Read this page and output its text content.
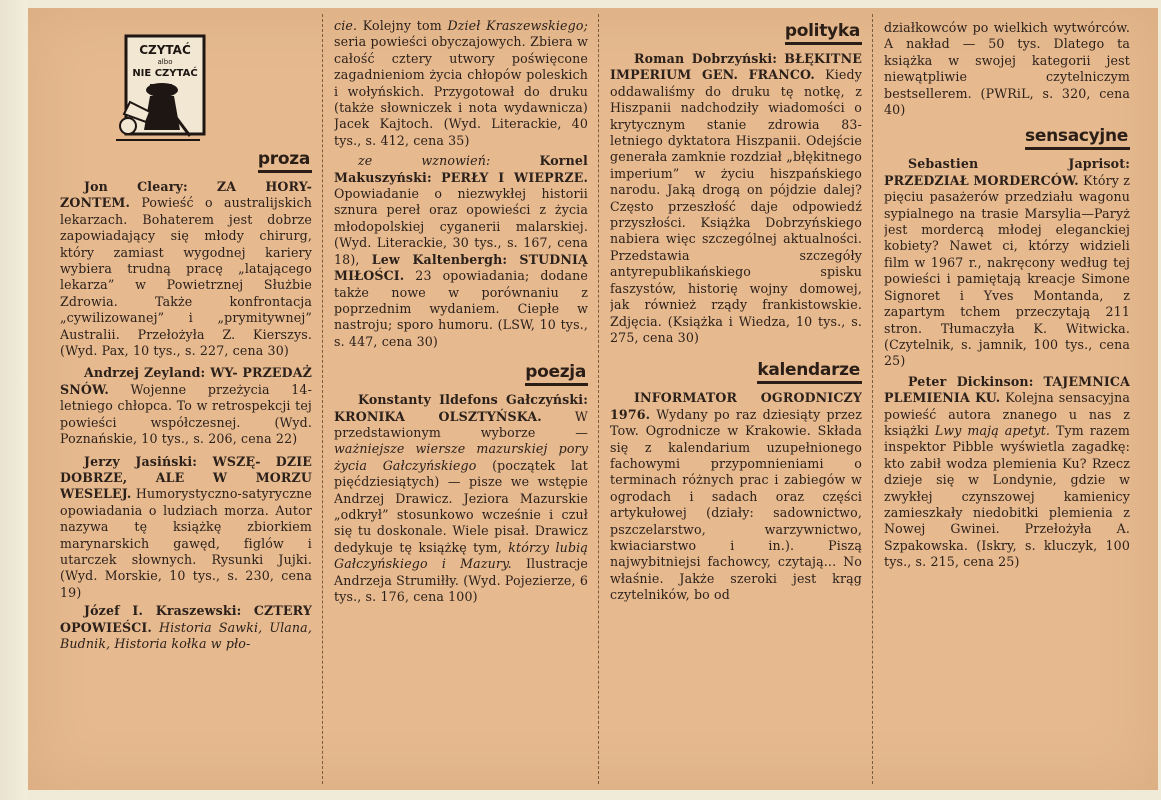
CZYTAĆ
albo
NIE CZYTAĆ
proza

Jon Cleary: ZA HORY- ZONTEM. Powieść o australijskich lekarzach. Bohaterem jest dobrze zapowiadający się młody chirurg, który zamiast wygodnej kariery wybiera trudną pracę „latającego lekarza” w Powietrznej Służbie Zdrowia. Także konfrontacja „cywilizowanej” i „prymitywnej” Australii. Przełożyła Z. Kierszys. (Wyd. Pax, 10 tys., s. 227, cena 30)

Andrzej Zeyland: WY- PRZEDAŻ SNÓW. Wojenne przeżycia 14-letniego chłopca. To w retrospekcji tej powieści współczesnej. (Wyd. Poznańskie, 10 tys., s. 206, cena 22)

Jerzy Jasiński: WSZĘ- DZIE DOBRZE, ALE W MORZU WESELEJ. Humorystyczno-satyryczne opowiadania o ludziach morza. Autor nazywa tę książkę zbiorkiem marynarskich gawęd, figlów i utarczek słownych. Rysunki Jujki. (Wyd. Morskie, 10 tys., s. 230, cena 19)

Józef I. Kraszewski: CZTERY OPOWIEŚCI. Historia Sawki, Ulana, Budnik, Historia kołka w pło-

cie. Kolejny tom Dzieł Kraszewskiego; seria powieści obyczajowych. Zbiera w całość cztery utwory poświęcone zagadnieniom życia chłopów poleskich i wołyńskich. Przygotował do druku (także słowniczek i nota wydawnicza) Jacek Kajtoch. (Wyd. Literackie, 40 tys., s. 412, cena 35)

ze wznowień:	Kornel Makuszyński: PERŁY I WIEPRZE. Opowiadanie o niezwykłej historii sznura pereł oraz opowieści z życia młodopolskiej cyganerii malarskiej. (Wyd. Literackie, 30 tys., s. 167, cena 18), Lew Kaltenbergh: STUDNIĄ MIŁOŚCI. 23 opowiadania; dodane także nowe w porównaniu z poprzednim wydaniem. Ciepłe w nastroju; sporo humoru. (LSW, 10 tys., s. 447, cena 30)

poezja

Konstanty Ildefons Gałczyński: KRONIKA OLSZTYŃSKA.	W przedstawionym wyborze — ważniejsze wiersze mazurskiej pory życia Gałczyńskiego (początek lat pięćdziesiątych) — pisze we wstępie Andrzej Drawicz. Jeziora Mazurskie „odkrył” stosunkowo wcześnie i czuł się tu doskonale. Wiele pisał. Drawicz dedykuje tę książkę tym, którzy lubią Gałczyńskiego i Mazury. Ilustracje Andrzeja Strumiłły. (Wyd. Pojezierze, 6 tys., s. 176, cena 100)

polityka

Roman Dobrzyński: BŁĘKITNE IMPERIUM GEN. FRANCO. Kiedy oddawaliśmy do druku tę notkę, z Hiszpanii nadchodziły wiadomości o krytycznym stanie zdrowia 83-letniego dyktatora Hiszpanii. Odejście generała zamknie rozdział „błękitnego imperium” w życiu hiszpańskiego narodu. Jaką drogą on pójdzie dalej? Często przeszłość daje odpowiedź przyszłości. Książka Dobrzyńskiego nabiera więc szczególnej aktualności. Przedstawia szczegóły antyrepublikańskiego spisku faszystów, historię wojny domowej, jak również rządy frankistowskie. Zdjęcia. (Książka i Wiedza, 10 tys., s. 275, cena 30)

kalendarze

INFORMATOR OGRODNICZY 1976. Wydany po raz dziesiąty przez Tow. Ogrodnicze w Krakowie. Składa się z kalendarium uzupełnionego fachowymi przypomnieniami o terminach różnych prac i zabiegów w ogrodach i sadach oraz części artykułowej (działy: sadownictwo, pszczelarstwo, warzywnictwo, kwiaciarstwo i in.). Piszą najwybitniejsi fachowcy, czytają... No właśnie. Jakże szeroki jest krąg czytelników, bo od

działkowców po wielkich wytwórców. A nakład — 50 tys. Dlatego ta książka w swojej kategorii jest niewątpliwie czytelniczym bestsellerem. (PWRiL, s. 320, cena 40)

sensacyjne

Sebastien Japrisot: PRZEDZIAŁ MORDERCÓW. Który z pięciu pasażerów przedziału wagonu sypialnego na trasie Marsylia—Paryż jest mordercą młodej eleganckiej kobiety? Nawet ci, którzy widzieli film w 1967 r., nakręcony według tej powieści i pamiętają kreacje Simone Signoret i Yves Montanda, z zapartym tchem przeczytają 211 stron. Tłumaczyła K. Witwicka. (Czytelnik, s. jamnik, 100 tys., cena 25)

Peter Dickinson: TAJEMNICA PLEMIENIA KU. Kolejna sensacyjna powieść autora znanego u nas z książki Lwy mają apetyt. Tym razem inspektor Pibble wyświetla zagadkę: kto zabił wodza plemienia Ku? Rzecz dzieje się w Londynie, gdzie w zwykłej czynszowej kamienicy zamieszkały niedobitki plemienia z Nowej Gwinei. Przełożyła A. Szpakowska. (Iskry, s. kluczyk, 100 tys., s. 215, cena 25)
